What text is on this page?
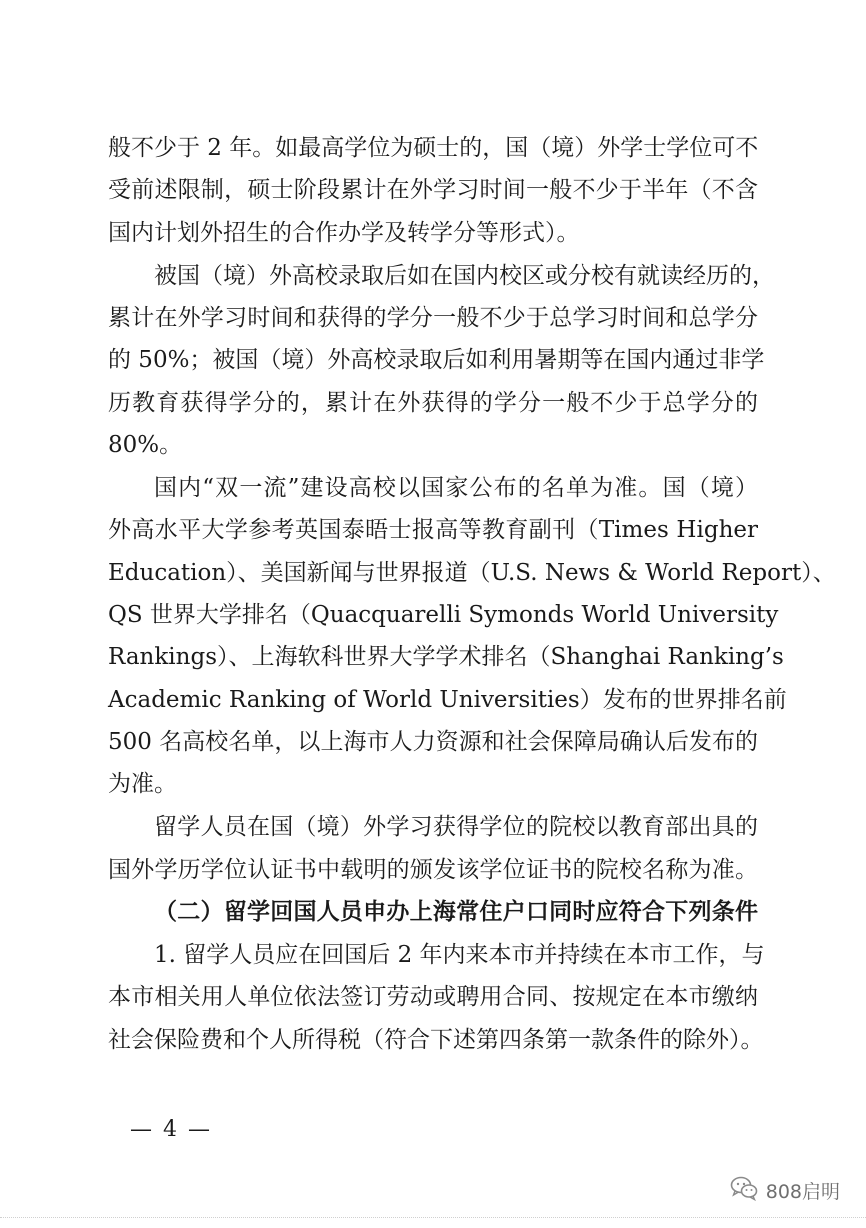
般不少于 2 年。如最高学位为硕士的，国（境）外学士学位可不
受前述限制，硕士阶段累计在外学习时间一般不少于半年（不含
国内计划外招生的合作办学及转学分等形式）。
被国（境）外高校录取后如在国内校区或分校有就读经历的，
累计在外学习时间和获得的学分一般不少于总学习时间和总学分
的 50%；被国（境）外高校录取后如利用暑期等在国内通过非学
历教育获得学分的，累计在外获得的学分一般不少于总学分的
80%。
国内“双一流”建设高校以国家公布的名单为准。国（境）
外高水平大学参考英国泰晤士报高等教育副刊（Times Higher
Education）、美国新闻与世界报道（U.S. News & World Report）、
QS 世界大学排名（Quacquarelli Symonds World University
Rankings）、上海软科世界大学学术排名（Shanghai Ranking’s
Academic Ranking of World Universities）发布的世界排名前
500 名高校名单，以上海市人力资源和社会保障局确认后发布的
为准。
留学人员在国（境）外学习获得学位的院校以教育部出具的
国外学历学位认证书中载明的颁发该学位证书的院校名称为准。
（二）留学回国人员申办上海常住户口同时应符合下列条件
1. 留学人员应在回国后 2 年内来本市并持续在本市工作，与
本市相关用人单位依法签订劳动或聘用合同、按规定在本市缴纳
社会保险费和个人所得税（符合下述第四条第一款条件的除外）。
— 4 —
808启明
